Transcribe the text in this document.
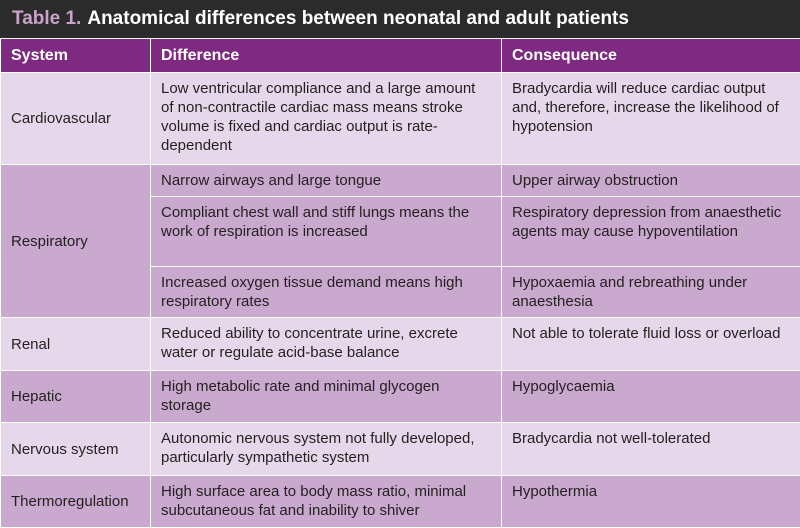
Table 1. Anatomical differences between neonatal and adult patients
System	Difference	Consequence
Cardiovascular	Low ventricular compliance and a large amount of non-contractile cardiac mass means stroke volume is fixed and cardiac output is rate-dependent	Bradycardia will reduce cardiac output and, therefore, increase the likelihood of hypotension
Respiratory	Narrow airways and large tongue	Upper airway obstruction
	Compliant chest wall and stiff lungs means the work of respiration is increased	Respiratory depression from anaesthetic agents may cause hypoventilation
	Increased oxygen tissue demand means high respiratory rates	Hypoxaemia and rebreathing under anaesthesia
Renal	Reduced ability to concentrate urine, excrete water or regulate acid-base balance	Not able to tolerate fluid loss or overload
Hepatic	High metabolic rate and minimal glycogen storage	Hypoglycaemia
Nervous system	Autonomic nervous system not fully developed, particularly sympathetic system	Bradycardia not well-tolerated
Thermoregulation	High surface area to body mass ratio, minimal subcutaneous fat and inability to shiver	Hypothermia
